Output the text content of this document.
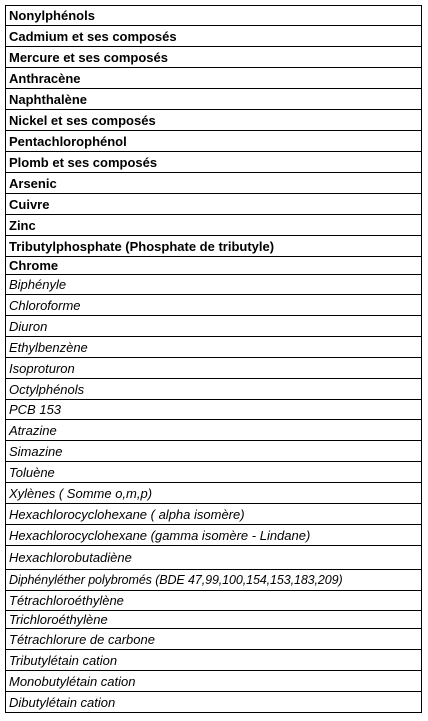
Nonylphénols
Cadmium et ses composés
Mercure et ses composés
Anthracène
Naphthalène
Nickel et ses composés
Pentachlorophénol
Plomb et ses composés
Arsenic
Cuivre
Zinc
Tributylphosphate (Phosphate de tributyle)
Chrome
Biphényle
Chloroforme
Diuron
Ethylbenzène
Isoproturon
Octylphénols
PCB 153
Atrazine
Simazine
Toluène
Xylènes ( Somme o,m,p)
Hexachlorocyclohexane ( alpha isomère)
Hexachlorocyclohexane (gamma isomère - Lindane)
Hexachlorobutadiène
Diphényléther polybromés (BDE 47,99,100,154,153,183,209)
Tétrachloroéthylène
Trichloroéthylène
Tétrachlorure de carbone
Tributylétain cation
Monobutylétain cation
Dibutylétain cation
